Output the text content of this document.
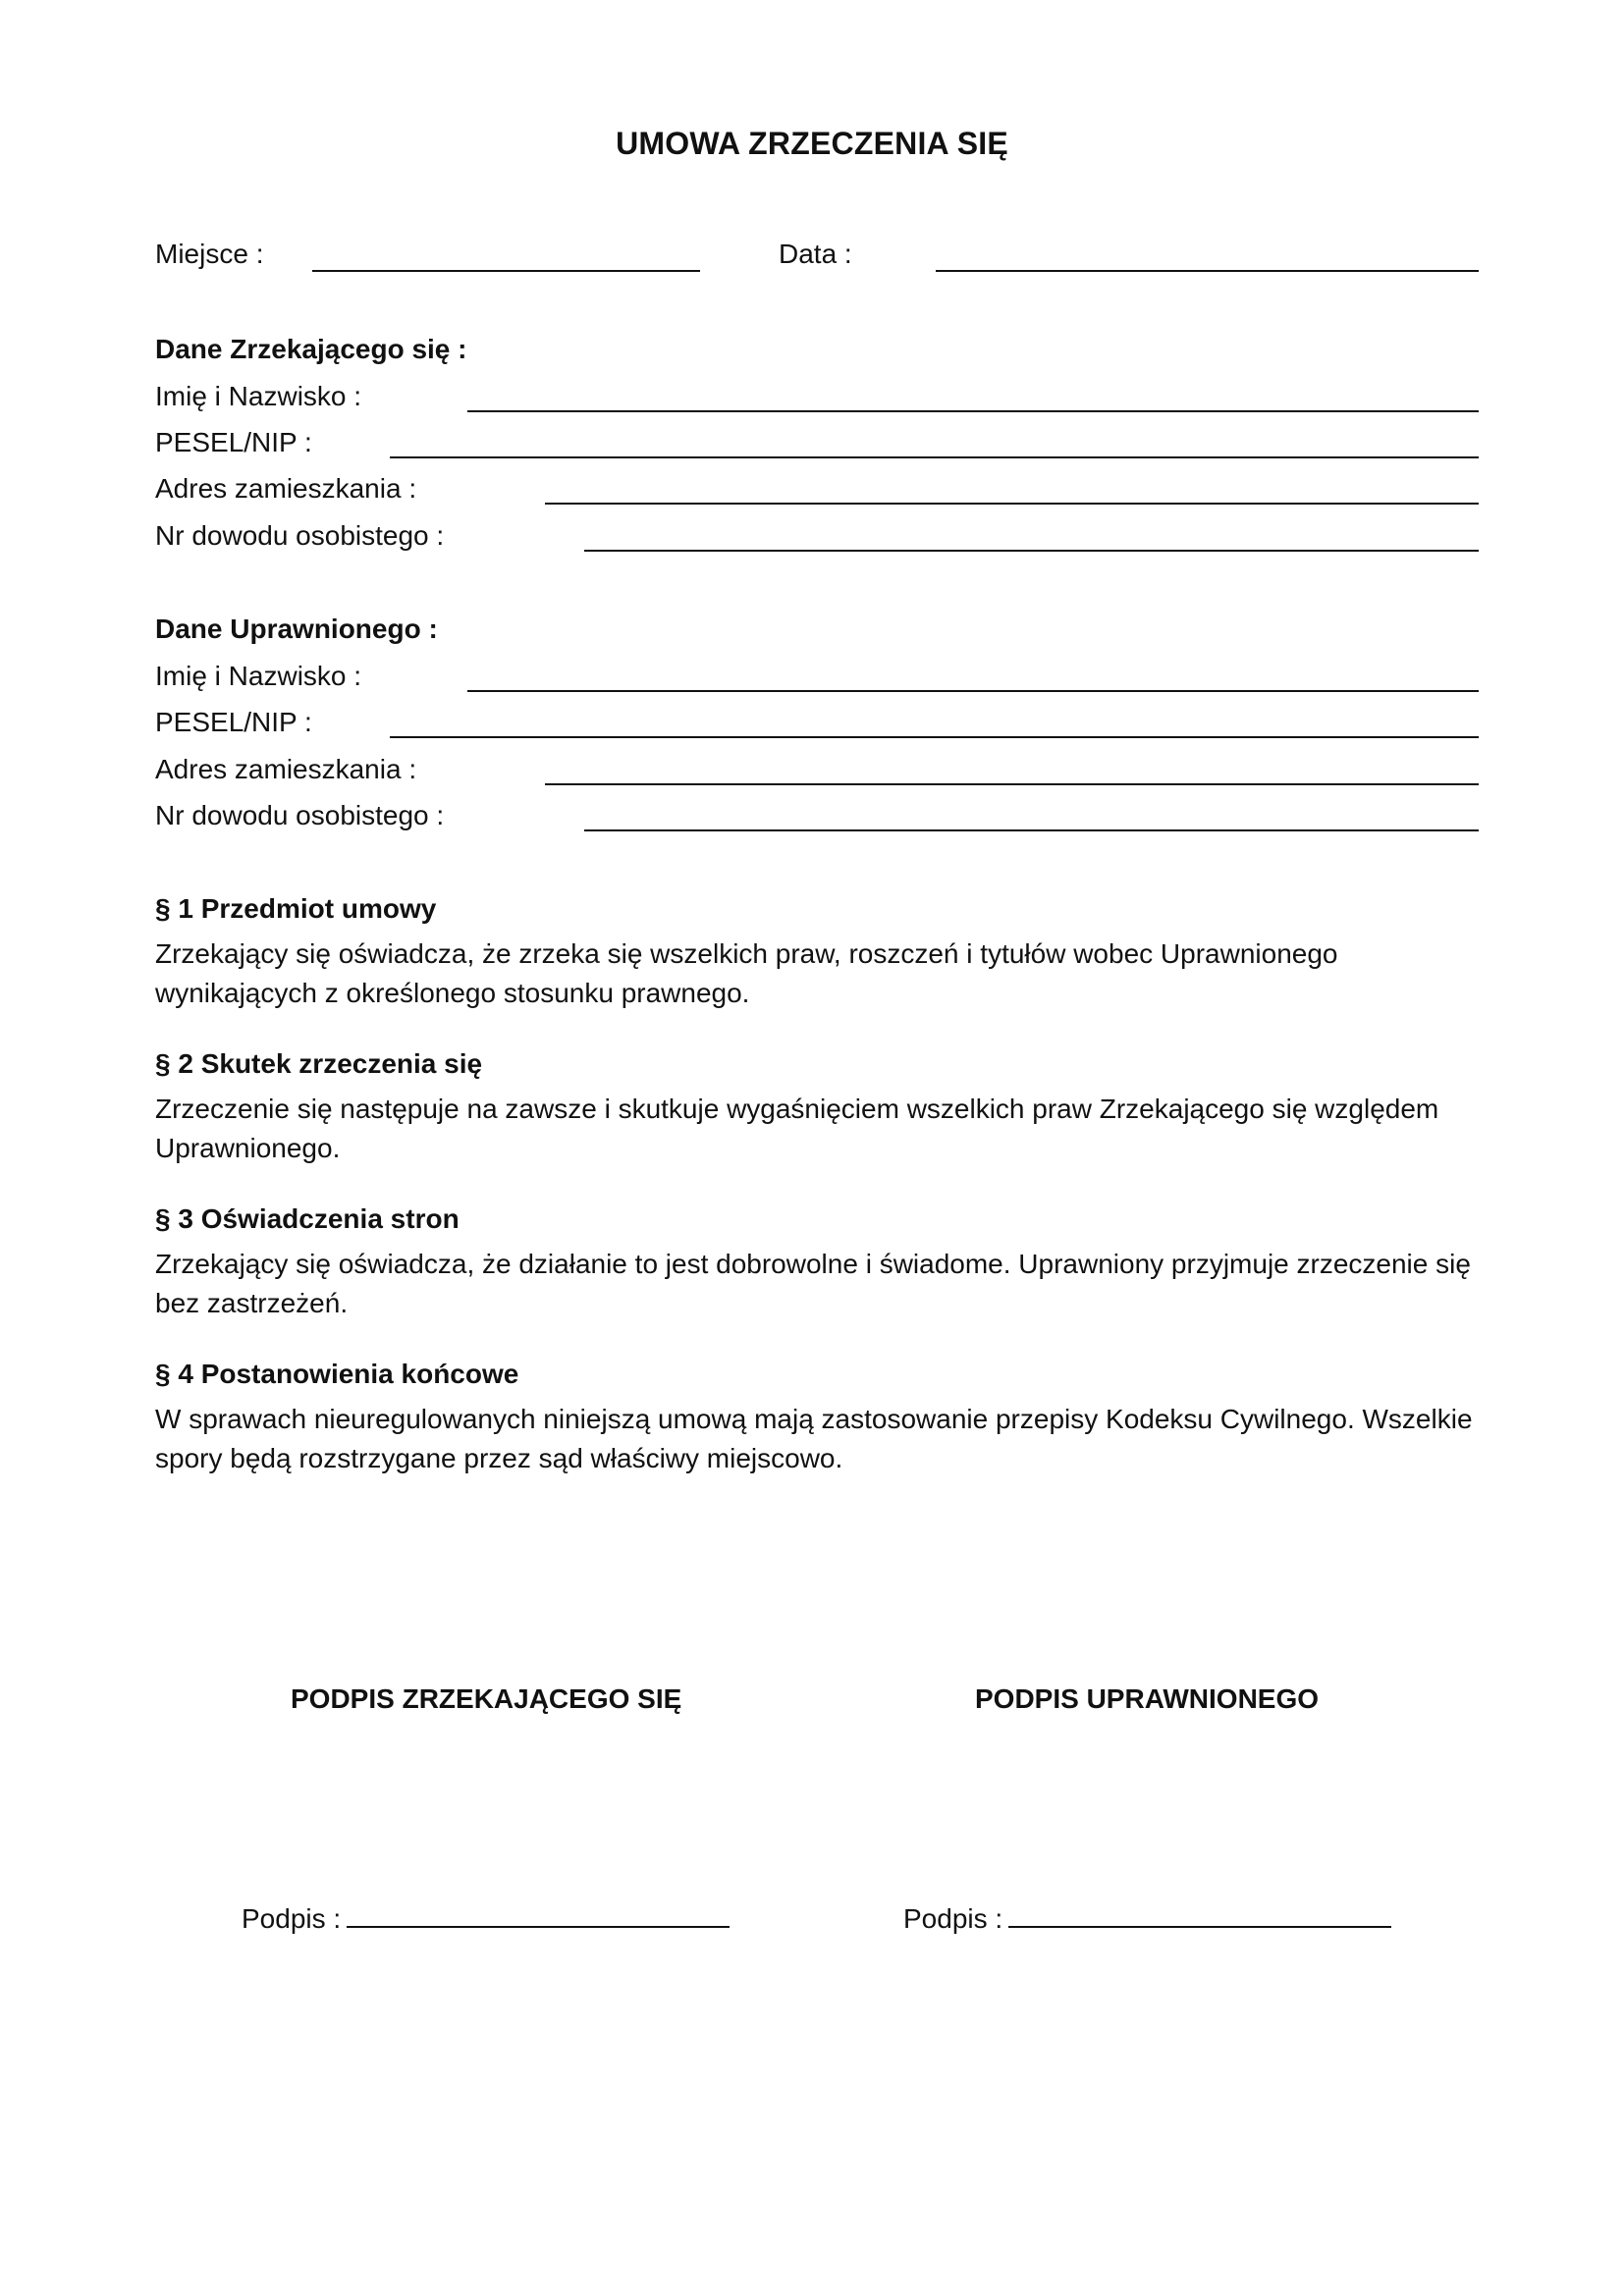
UMOWA ZRZECZENIA SIĘ
Miejsce :	Data :
Dane Zrzekającego się :
Imię i Nazwisko :
PESEL/NIP :
Adres zamieszkania :
Nr dowodu osobistego :
Dane Uprawnionego :
Imię i Nazwisko :
PESEL/NIP :
Adres zamieszkania :
Nr dowodu osobistego :
§ 1 Przedmiot umowy
Zrzekający się oświadcza, że zrzeka się wszelkich praw, roszczeń i tytułów wobec Uprawnionego wynikających z określonego stosunku prawnego.
§ 2 Skutek zrzeczenia się
Zrzeczenie się następuje na zawsze i skutkuje wygaśnięciem wszelkich praw Zrzekającego się względem Uprawnionego.
§ 3 Oświadczenia stron
Zrzekający się oświadcza, że działanie to jest dobrowolne i świadome. Uprawniony przyjmuje zrzeczenie się bez zastrzeżeń.
§ 4 Postanowienia końcowe
W sprawach nieuregulowanych niniejszą umową mają zastosowanie przepisy Kodeksu Cywilnego. Wszelkie spory będą rozstrzygane przez sąd właściwy miejscowo.
PODPIS ZRZEKAJĄCEGO SIĘ	PODPIS UPRAWNIONEGO
Podpis :	Podpis :
